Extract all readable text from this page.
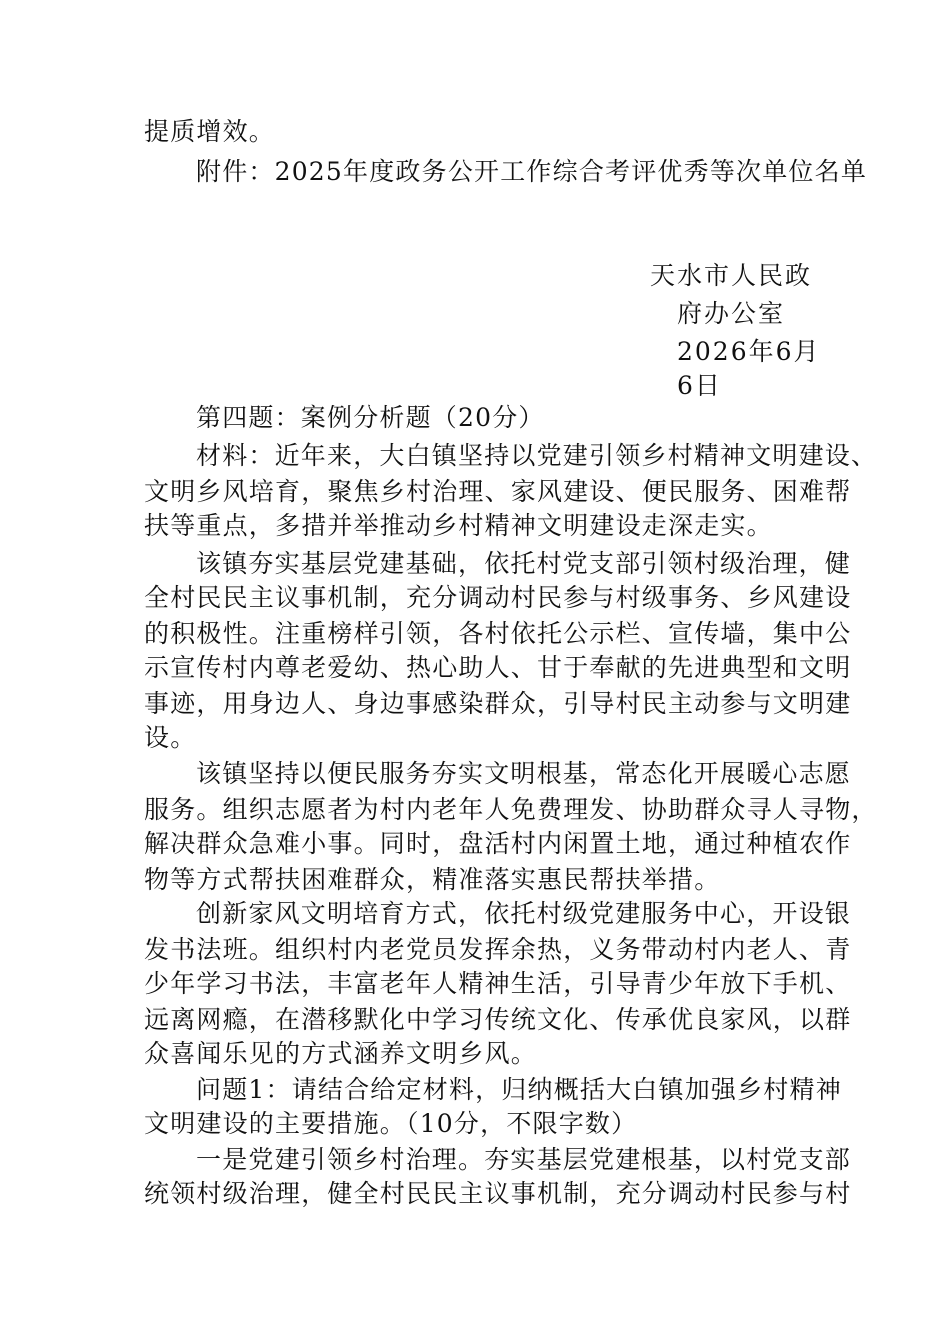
提质增效。
附件：2025年度政务公开工作综合考评优秀等次单位名单
天水市人民政
府办公室
2026年6月
6日
第四题：案例分析题（20分）
材料：近年来，大白镇坚持以党建引领乡村精神文明建设、
文明乡风培育，聚焦乡村治理、家风建设、便民服务、困难帮
扶等重点，多措并举推动乡村精神文明建设走深走实。
该镇夯实基层党建基础，依托村党支部引领村级治理，健
全村民民主议事机制，充分调动村民参与村级事务、乡风建设
的积极性。注重榜样引领，各村依托公示栏、宣传墙，集中公
示宣传村内尊老爱幼、热心助人、甘于奉献的先进典型和文明
事迹，用身边人、身边事感染群众，引导村民主动参与文明建
设。
该镇坚持以便民服务夯实文明根基，常态化开展暖心志愿
服务。组织志愿者为村内老年人免费理发、协助群众寻人寻物，
解决群众急难小事。同时，盘活村内闲置土地，通过种植农作
物等方式帮扶困难群众，精准落实惠民帮扶举措。
创新家风文明培育方式，依托村级党建服务中心，开设银
发书法班。组织村内老党员发挥余热，义务带动村内老人、青
少年学习书法，丰富老年人精神生活，引导青少年放下手机、
远离网瘾，在潜移默化中学习传统文化、传承优良家风，以群
众喜闻乐见的方式涵养文明乡风。
问题1：请结合给定材料，归纳概括大白镇加强乡村精神
文明建设的主要措施。（10分，不限字数）
一是党建引领乡村治理。夯实基层党建根基，以村党支部
统领村级治理，健全村民民主议事机制，充分调动村民参与村
